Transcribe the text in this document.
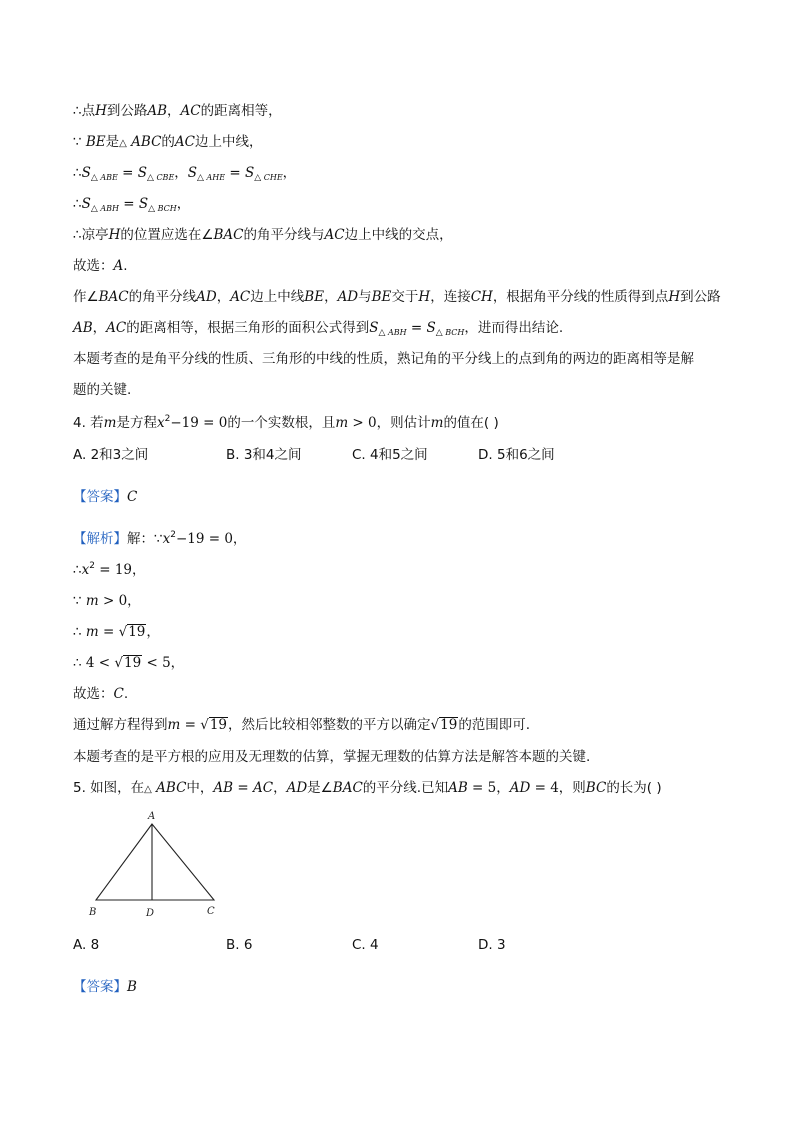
∴点H到公路AB，AC的距离相等，
∵ BE是△ ABC的AC边上中线，
$\therefore S_{\triangle ABE} = S_{\triangle CBE}$，$S_{\triangle AHE} = S_{\triangle CHE}$，
$\therefore S_{\triangle ABH} = S_{\triangle BCH}$，
∴凉亭H的位置应选在∠BAC的角平分线与AC边上中线的交点，
故选：A.
作∠BAC的角平分线AD，AC边上中线BE，AD与BE交于H，连接CH，根据角平分线的性质得到点H到公路
AB，AC的距离相等，根据三角形的面积公式得到$S_{\triangle ABH} = S_{\triangle BCH}$，进而得出结论.
本题考查的是角平分线的性质、三角形的中线的性质，熟记角的平分线上的点到角的两边的距离相等是解
题的关键.
4. 若m是方程$x^2-19 = 0$的一个实数根，且m > 0，则估计m的值在( )
A. 2和3之间	B. 3和4之间	C. 4和5之间	D. 5和6之间
【答案】C
【解析】解：$\because x^2-19 = 0$，
$\therefore x^2 = 19$，
∵ m > 0，
∴ m = √19，
∴ 4 < √19 < 5，
故选：C.
通过解方程得到m = √19，然后比较相邻整数的平方以确定√19的范围即可.
本题考查的是平方根的应用及无理数的估算，掌握无理数的估算方法是解答本题的关键.
5. 如图，在△ ABC中，AB = AC，AD是∠BAC的平分线.已知AB = 5，AD = 4，则BC的长为( )
A
B	D	C
A. 8	B. 6	C. 4	D. 3
【答案】B
